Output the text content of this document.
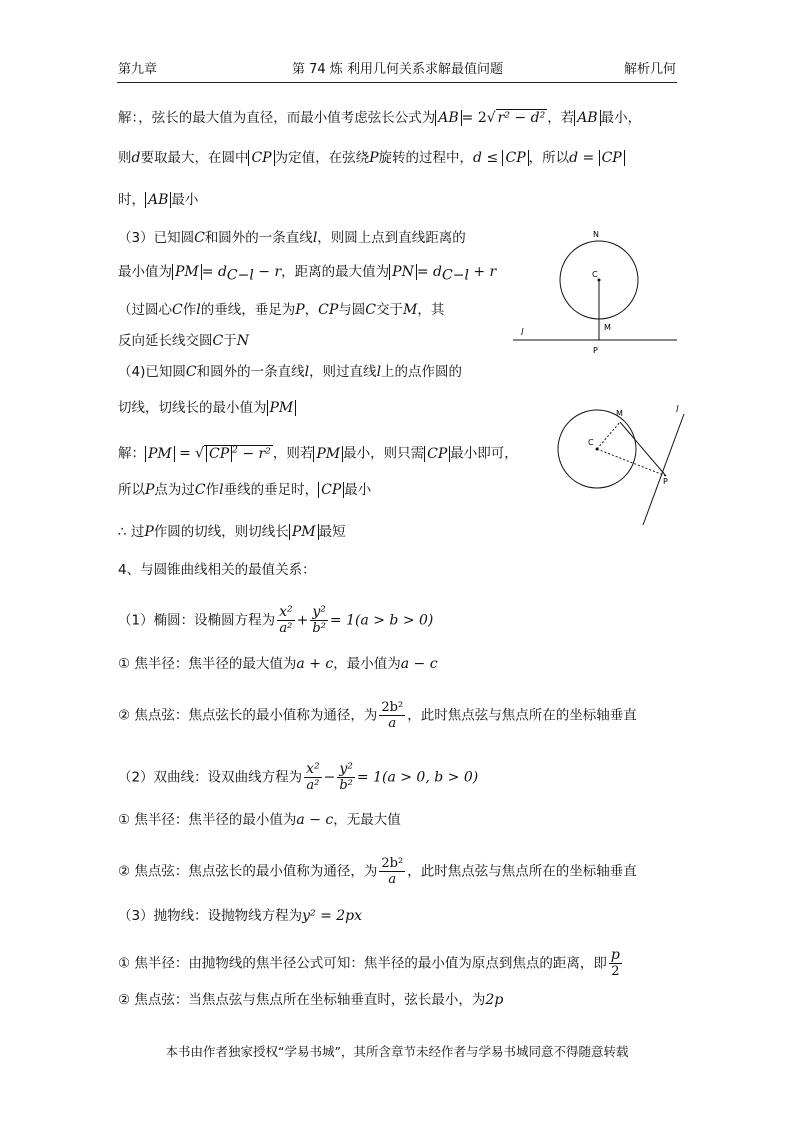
第九章	第 74 炼 利用几何关系求解最值问题	解析几何
解：，弦长的最大值为直径，而最小值考虑弦长公式为 AB = 2√ r² − d² ，若 AB 最小，
则d要取最大，在圆中 CP 为定值，在弦绕P旋转的过程中，d ≤ CP ，所以d = CP
时， AB 最小
（3）已知圆C和圆外的一条直线l，则圆上点到直线距离的
最小值为 PM = $d_{C-l} - r$，距离的最大值为 PN = $d_{C-l} + r$
（过圆心C作l的垂线，垂足为P，CP与圆C交于M，其
反向延长线交圆C于N
N
C
M
P
l
（4)已知圆C和圆外的一条直线l，则过直线l上的点作圆的
切线，切线长的最小值为 PM
解： PM = √ CP $^2$ − r² ，则若 PM 最小，则只需 CP 最小即可，
所以P点为过C作l垂线的垂足时， CP 最小
∴ 过P作圆的切线，则切线长 PM 最短
M
C
P
l
4、与圆锥曲线相关的最值关系：
（1）椭圆：设椭圆方程为 $\frac{\text{x²}}{\text{a²}} + \frac{\text{y²}}{\text{b²}} = 1(a > b > 0)$
① 焦半径：焦半径的最大值为a + c，最小值为a − c
② 焦点弦：焦点弦长的最小值称为通径，为 $\frac{\text{2b²}}{a}$ ，此时焦点弦与焦点所在的坐标轴垂直
（2）双曲线：设双曲线方程为 $\frac{\text{x²}}{\text{a²}} - \frac{\text{y²}}{\text{b²}} = 1(a > 0$, b > 0)
① 焦半径：焦半径的最小值为a − c，无最大值
② 焦点弦：焦点弦长的最小值称为通径，为 $\frac{\text{2b²}}{a}$ ，此时焦点弦与焦点所在的坐标轴垂直
（3）抛物线：设抛物线方程为y² = 2px
① 焦半径：由抛物线的焦半径公式可知：焦半径的最小值为原点到焦点的距离，即 $\frac{p}{2}$
② 焦点弦：当焦点弦与焦点所在坐标轴垂直时，弦长最小，为2p
本书由作者独家授权“学易书城”，其所含章节未经作者与学易书城同意不得随意转载
